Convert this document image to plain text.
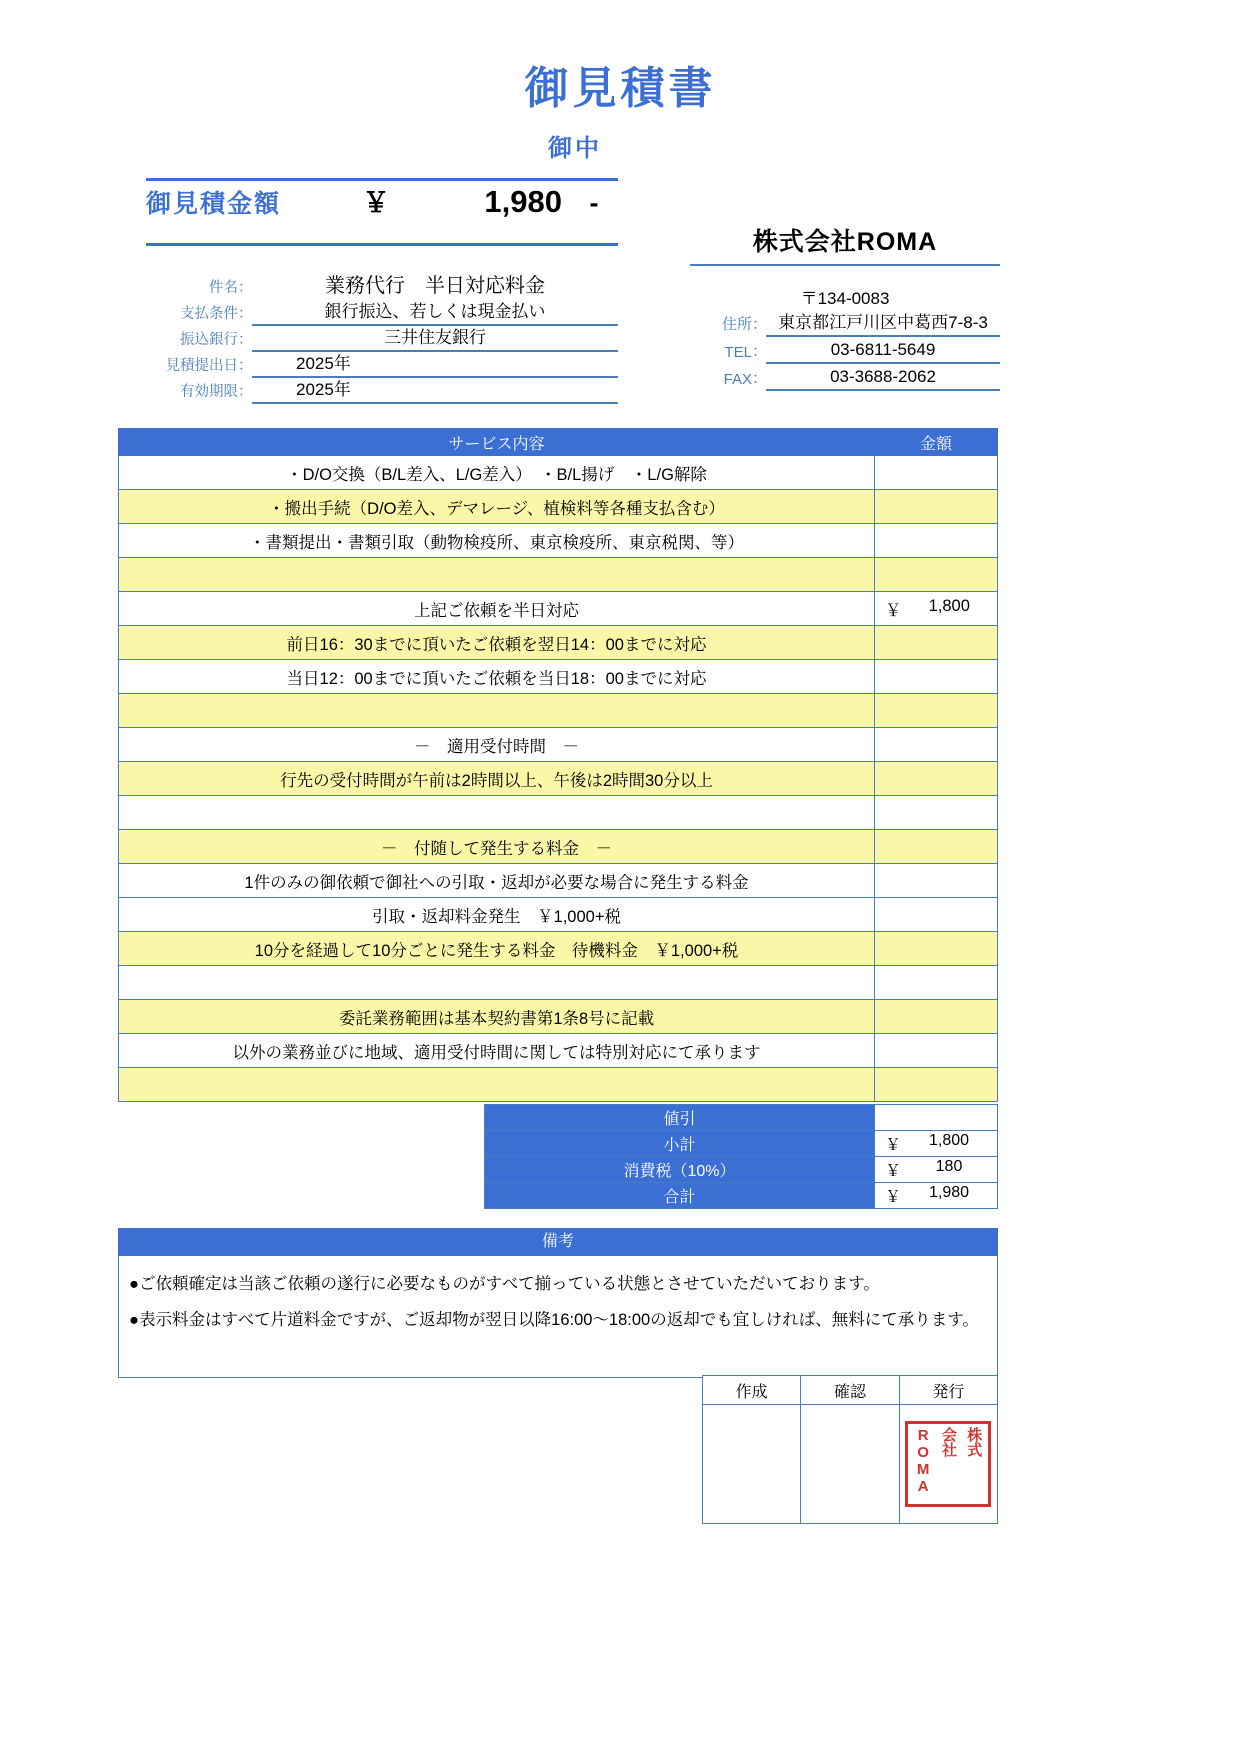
御見積書
御中
御見積金額	￥	1,980	-
件名 ：	業務代行　半日対応料金
支払条件 ：	銀行振込、若しくは現金払い
振込銀行 ：	三井住友銀行
見積提出日 ：	2025年
有効期限 ：	2025年
株式会社ROMA
〒134-0083
住所 ： 東京都江戸川区中葛西7-8-3
TEL ：	03-6811-5649
FAX ：	03-3688-2062
サービス内容	金額
・D/O交換（B/L差入、L/G差入）　・B/L揚げ　・L/G解除	
・搬出手続（D/O差入、デマレージ、植検料等各種支払含む）	
・書類提出・書類引取（動物検疫所、東京検疫所、東京税関、等）	

上記ご依頼を半日対応	￥ 1,800
前日16：30までに頂いたご依頼を翌日14：00までに対応	
当日12：00までに頂いたご依頼を当日18：00までに対応	

－　適用受付時間　－	
行先の受付時間が午前は2時間以上、午後は2時間30分以上	

－　付随して発生する料金　－	
1件のみの御依頼で御社への引取・返却が必要な場合に発生する料金	
引取・返却料金発生　￥1,000+税	
10分を経過して10分ごとに発生する料金　待機料金　￥1,000+税	

委託業務範囲は基本契約書第1条8号に記載	
以外の業務並びに地域、適用受付時間に関しては特別対応にて承ります	

値引	
小計	￥ 1,800
消費税（10%）	￥ 180
合計	￥ 1,980
備考
●ご依頼確定は当該ご依頼の遂行に必要なものがすべて揃っている状態とさせていただいております。
●表示料金はすべて片道料金ですが、ご返却物が翌日以降16:00～18:00の返却でも宜しければ、無料にて承ります。
作成	確認	発行

		株式
会社
ROMA
